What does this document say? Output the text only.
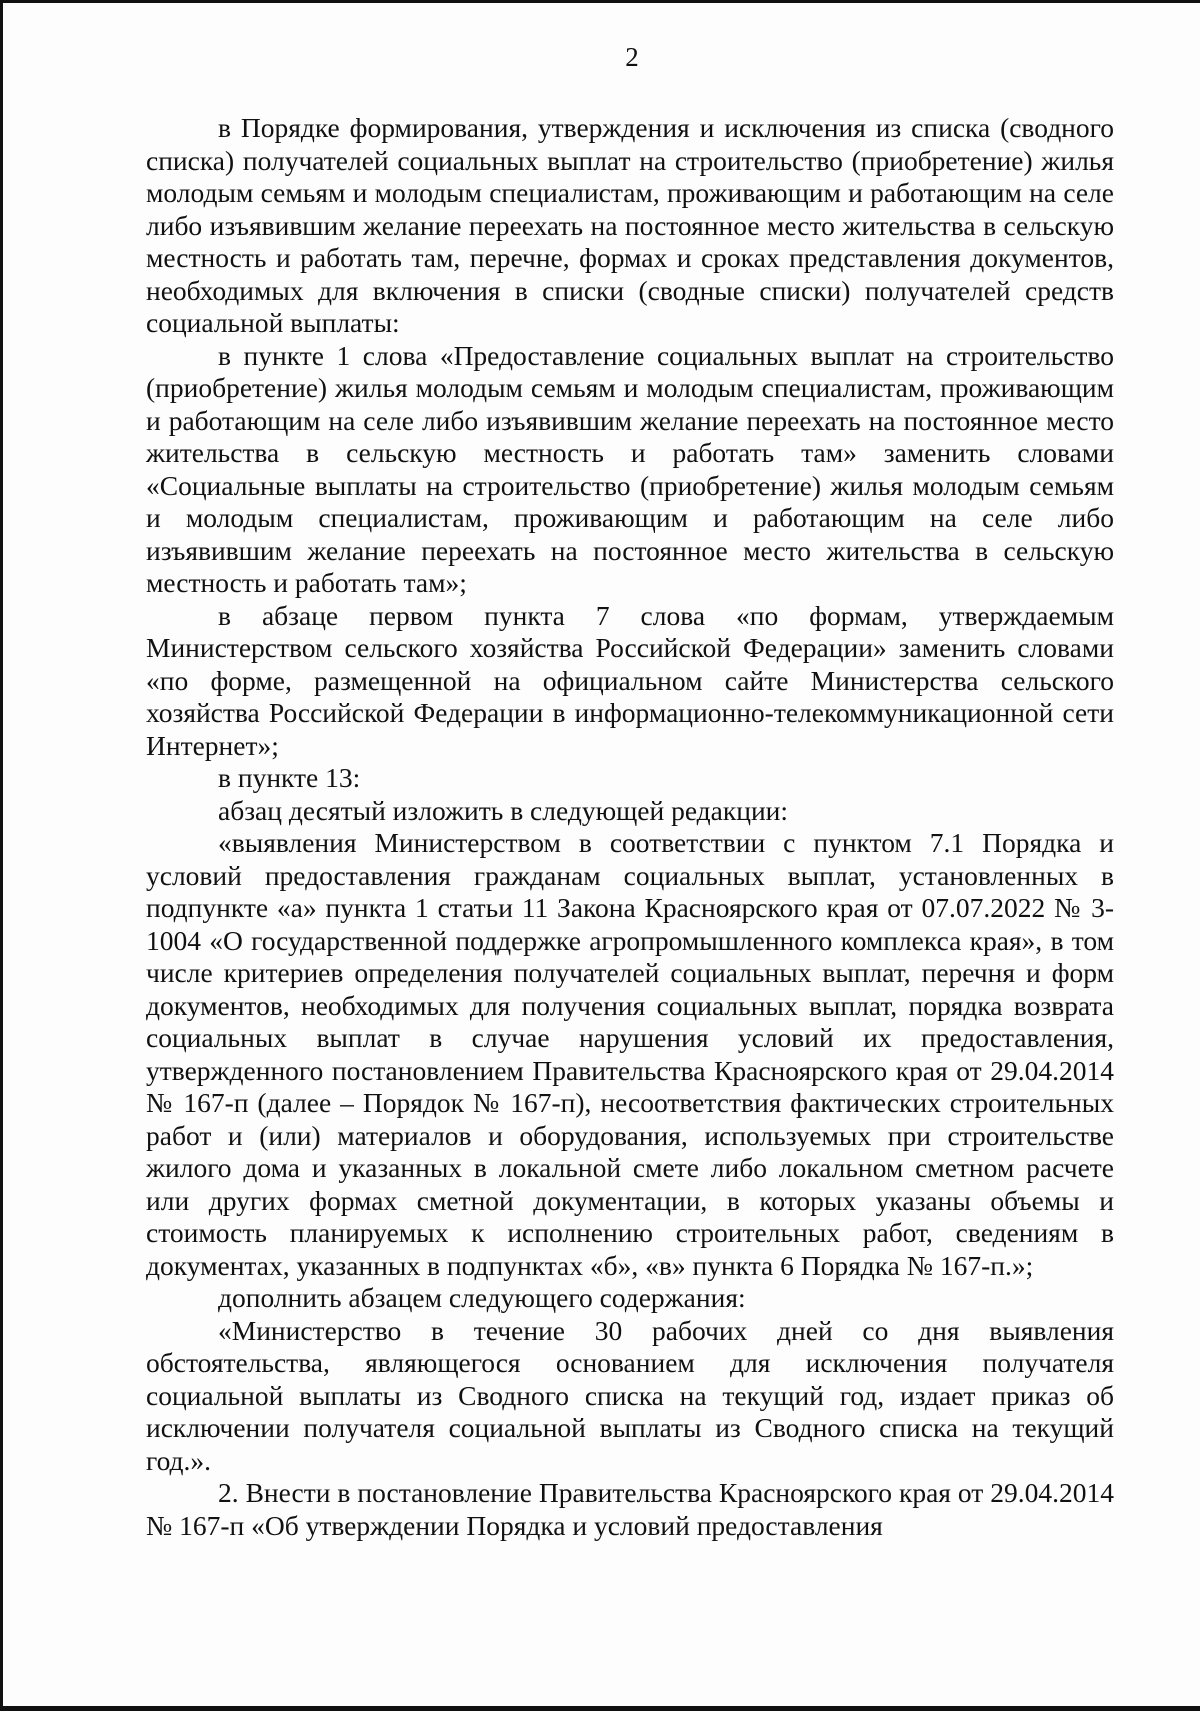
2

в Порядке формирования, утверждения и исключения из списка (сводного списка) получателей социальных выплат на строительство (приобретение) жилья молодым семьям и молодым специалистам, проживающим и работающим на селе либо изъявившим желание переехать на постоянное место жительства в сельскую местность и работать там, перечне, формах и сроках представления документов, необходимых для включения в списки (сводные списки) получателей средств социальной выплаты:

в пункте 1 слова «Предоставление социальных выплат на строительство (приобретение) жилья молодым семьям и молодым специалистам, проживающим и работающим на селе либо изъявившим желание переехать на постоянное место жительства в сельскую местность и работать там» заменить словами «Социальные выплаты на строительство (приобретение) жилья молодым семьям и молодым специалистам, проживающим и работающим на селе либо изъявившим желание переехать на постоянное место жительства в сельскую местность и работать там»;

в абзаце первом пункта 7 слова «по формам, утверждаемым Министерством сельского хозяйства Российской Федерации» заменить словами «по форме, размещенной на официальном сайте Министерства сельского хозяйства Российской Федерации в информационно-телекоммуникационной сети Интернет»;

в пункте 13:

абзац десятый изложить в следующей редакции:

«выявления Министерством в соответствии с пунктом 7.1 Порядка и условий предоставления гражданам социальных выплат, установленных в подпункте «а» пункта 1 статьи 11 Закона Красноярского края от 07.07.2022 № 3-1004 «О государственной поддержке агропромышленного комплекса края», в том числе критериев определения получателей социальных выплат, перечня и форм документов, необходимых для получения социальных выплат, порядка возврата социальных выплат в случае нарушения условий их предоставления, утвержденного постановлением Правительства Красноярского края от 29.04.2014 № 167-п (далее – Порядок № 167-п), несоответствия фактических строительных работ и (или) материалов и оборудования, используемых при строительстве жилого дома и указанных в локальной смете либо локальном сметном расчете или других формах сметной документации, в которых указаны объемы и стоимость планируемых к исполнению строительных работ, сведениям в документах, указанных в подпунктах «б», «в» пункта 6 Порядка № 167-п.»;

дополнить абзацем следующего содержания:

«Министерство в течение 30 рабочих дней со дня выявления обстоятельства, являющегося основанием для исключения получателя социальной выплаты из Сводного списка на текущий год, издает приказ об исключении получателя социальной выплаты из Сводного списка на текущий год.».

2. Внести в постановление Правительства Красноярского края от 29.04.2014 № 167-п «Об утверждении Порядка и условий предоставления
